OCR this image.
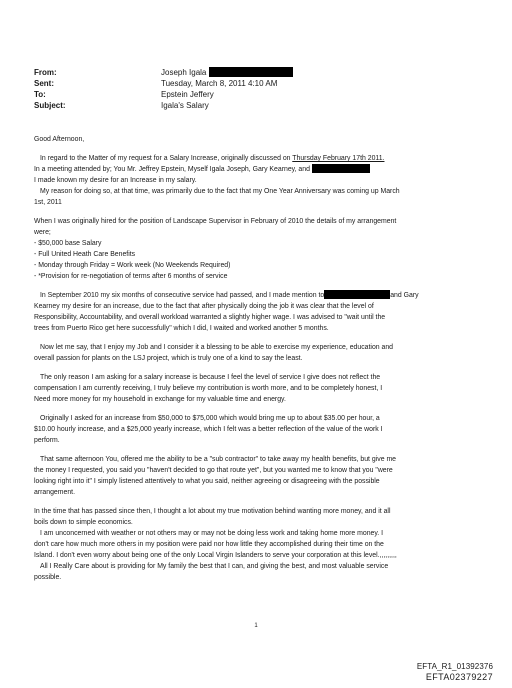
From:	Joseph Igala
Sent:	Tuesday, March 8, 2011 4:10 AM
To:	Epstein Jeffery
Subject:	Igala's Salary

Good Afternoon,

In regard to the Matter of my request for a Salary Increase, originally discussed on Thursday February 17th 2011.

In a meeting attended by; You Mr. Jeffrey Epstein, Myself Igala Joseph, Gary Kearney, and

I made known my desire for an Increase in my salary.

My reason for doing so, at that time, was primarily due to the fact that my One Year Anniversary was coming up March

1st, 2011

When I was originally hired for the position of Landscape Supervisor in February of 2010 the details of my arrangement

were;

- $50,000 base Salary

- Full United Heath Care Benefits

- Monday through Friday = Work week (No Weekends Required)

- *Provision for re-negotiation of terms after 6 months of service

In September 2010 my six months of consecutive service had passed, and I made mention to	and Gary

Kearney my desire for an increase, due to the fact that after physically doing the job it was clear that the level of

Responsibility, Accountability, and overall workload warranted a slightly higher wage. I was advised to "wait until the

trees from Puerto Rico get here successfully" which I did, I waited and worked another 5 months.

Now let me say, that I enjoy my Job and I consider it a blessing to be able to exercise my experience, education and

overall passion for plants on the LSJ project, which is truly one of a kind to say the least.

The only reason I am asking for a salary increase is because I feel the level of service I give does not reflect the

compensation I am currently receiving, I truly believe my contribution is worth more, and to be completely honest, I

Need more money for my household in exchange for my valuable time and energy.

Originally I asked for an increase from $50,000 to $75,000 which would bring me up to about $35.00 per hour, a

$10.00 hourly increase, and a $25,000 yearly increase, which I felt was a better reflection of the value of the work I

perform.

That same afternoon You, offered me the ability to be a "sub contractor" to take away my health benefits, but give me

the money I requested, you said you "haven't decided to go that route yet", but you wanted me to know that you "were

looking right into it" I simply listened attentively to what you said, neither agreeing or disagreeing with the possible

arrangement.

In the time that has passed since then, I thought a lot about my true motivation behind wanting more money, and it all

boils down to simple economics.

I am unconcerned with weather or not others may or may not be doing less work and taking home more money. I

don't care how much more others in my position were paid nor how little they accomplished during their time on the

Island. I don't even worry about being one of the only Local Virgin Islanders to serve your corporation at this level.,,,,,,,,,

All I Really Care about is providing for My family the best that I can, and giving the best, and most valuable service

possible.

1
EFTA_R1_01392376
EFTA02379227
